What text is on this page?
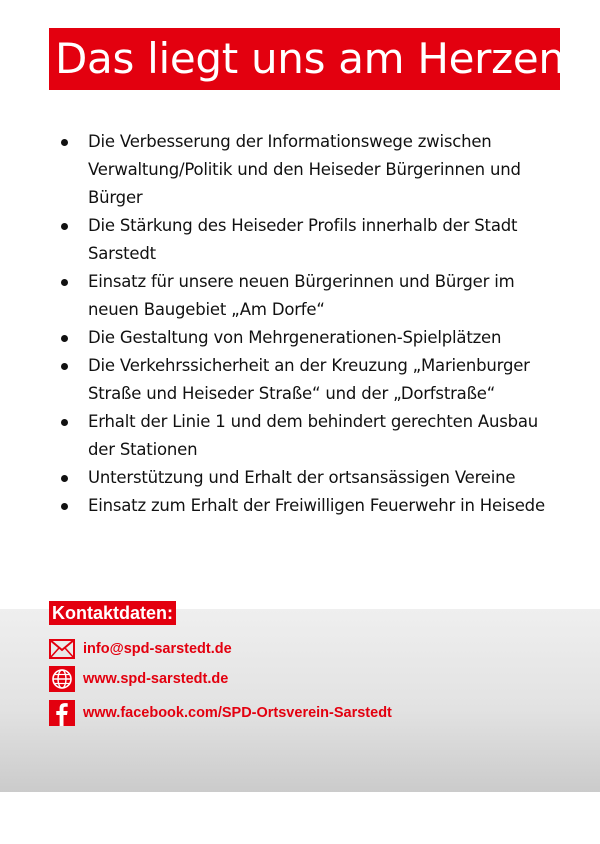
Das liegt uns am Herzen:
Die Verbesserung der Informationswege zwischen Verwaltung/Politik und den Heiseder Bürgerinnen und Bürger
Die Stärkung des Heiseder Profils innerhalb der Stadt Sarstedt
Einsatz für unsere neuen Bürgerinnen und Bürger im neuen Baugebiet „Am Dorfe“
Die Gestaltung von Mehrgenerationen-Spielplätzen
Die Verkehrssicherheit an der Kreuzung „Marienburger Straße und Heiseder Straße“ und der „Dorfstraße“
Erhalt der Linie 1 und dem behindert gerechten Ausbau der Stationen
Unterstützung und Erhalt der ortsansässigen Vereine
Einsatz zum Erhalt der Freiwilligen Feuerwehr in Heisede
Kontaktdaten:
info@spd-sarstedt.de
www.spd-sarstedt.de
www.facebook.com/SPD-Ortsverein-Sarstedt
